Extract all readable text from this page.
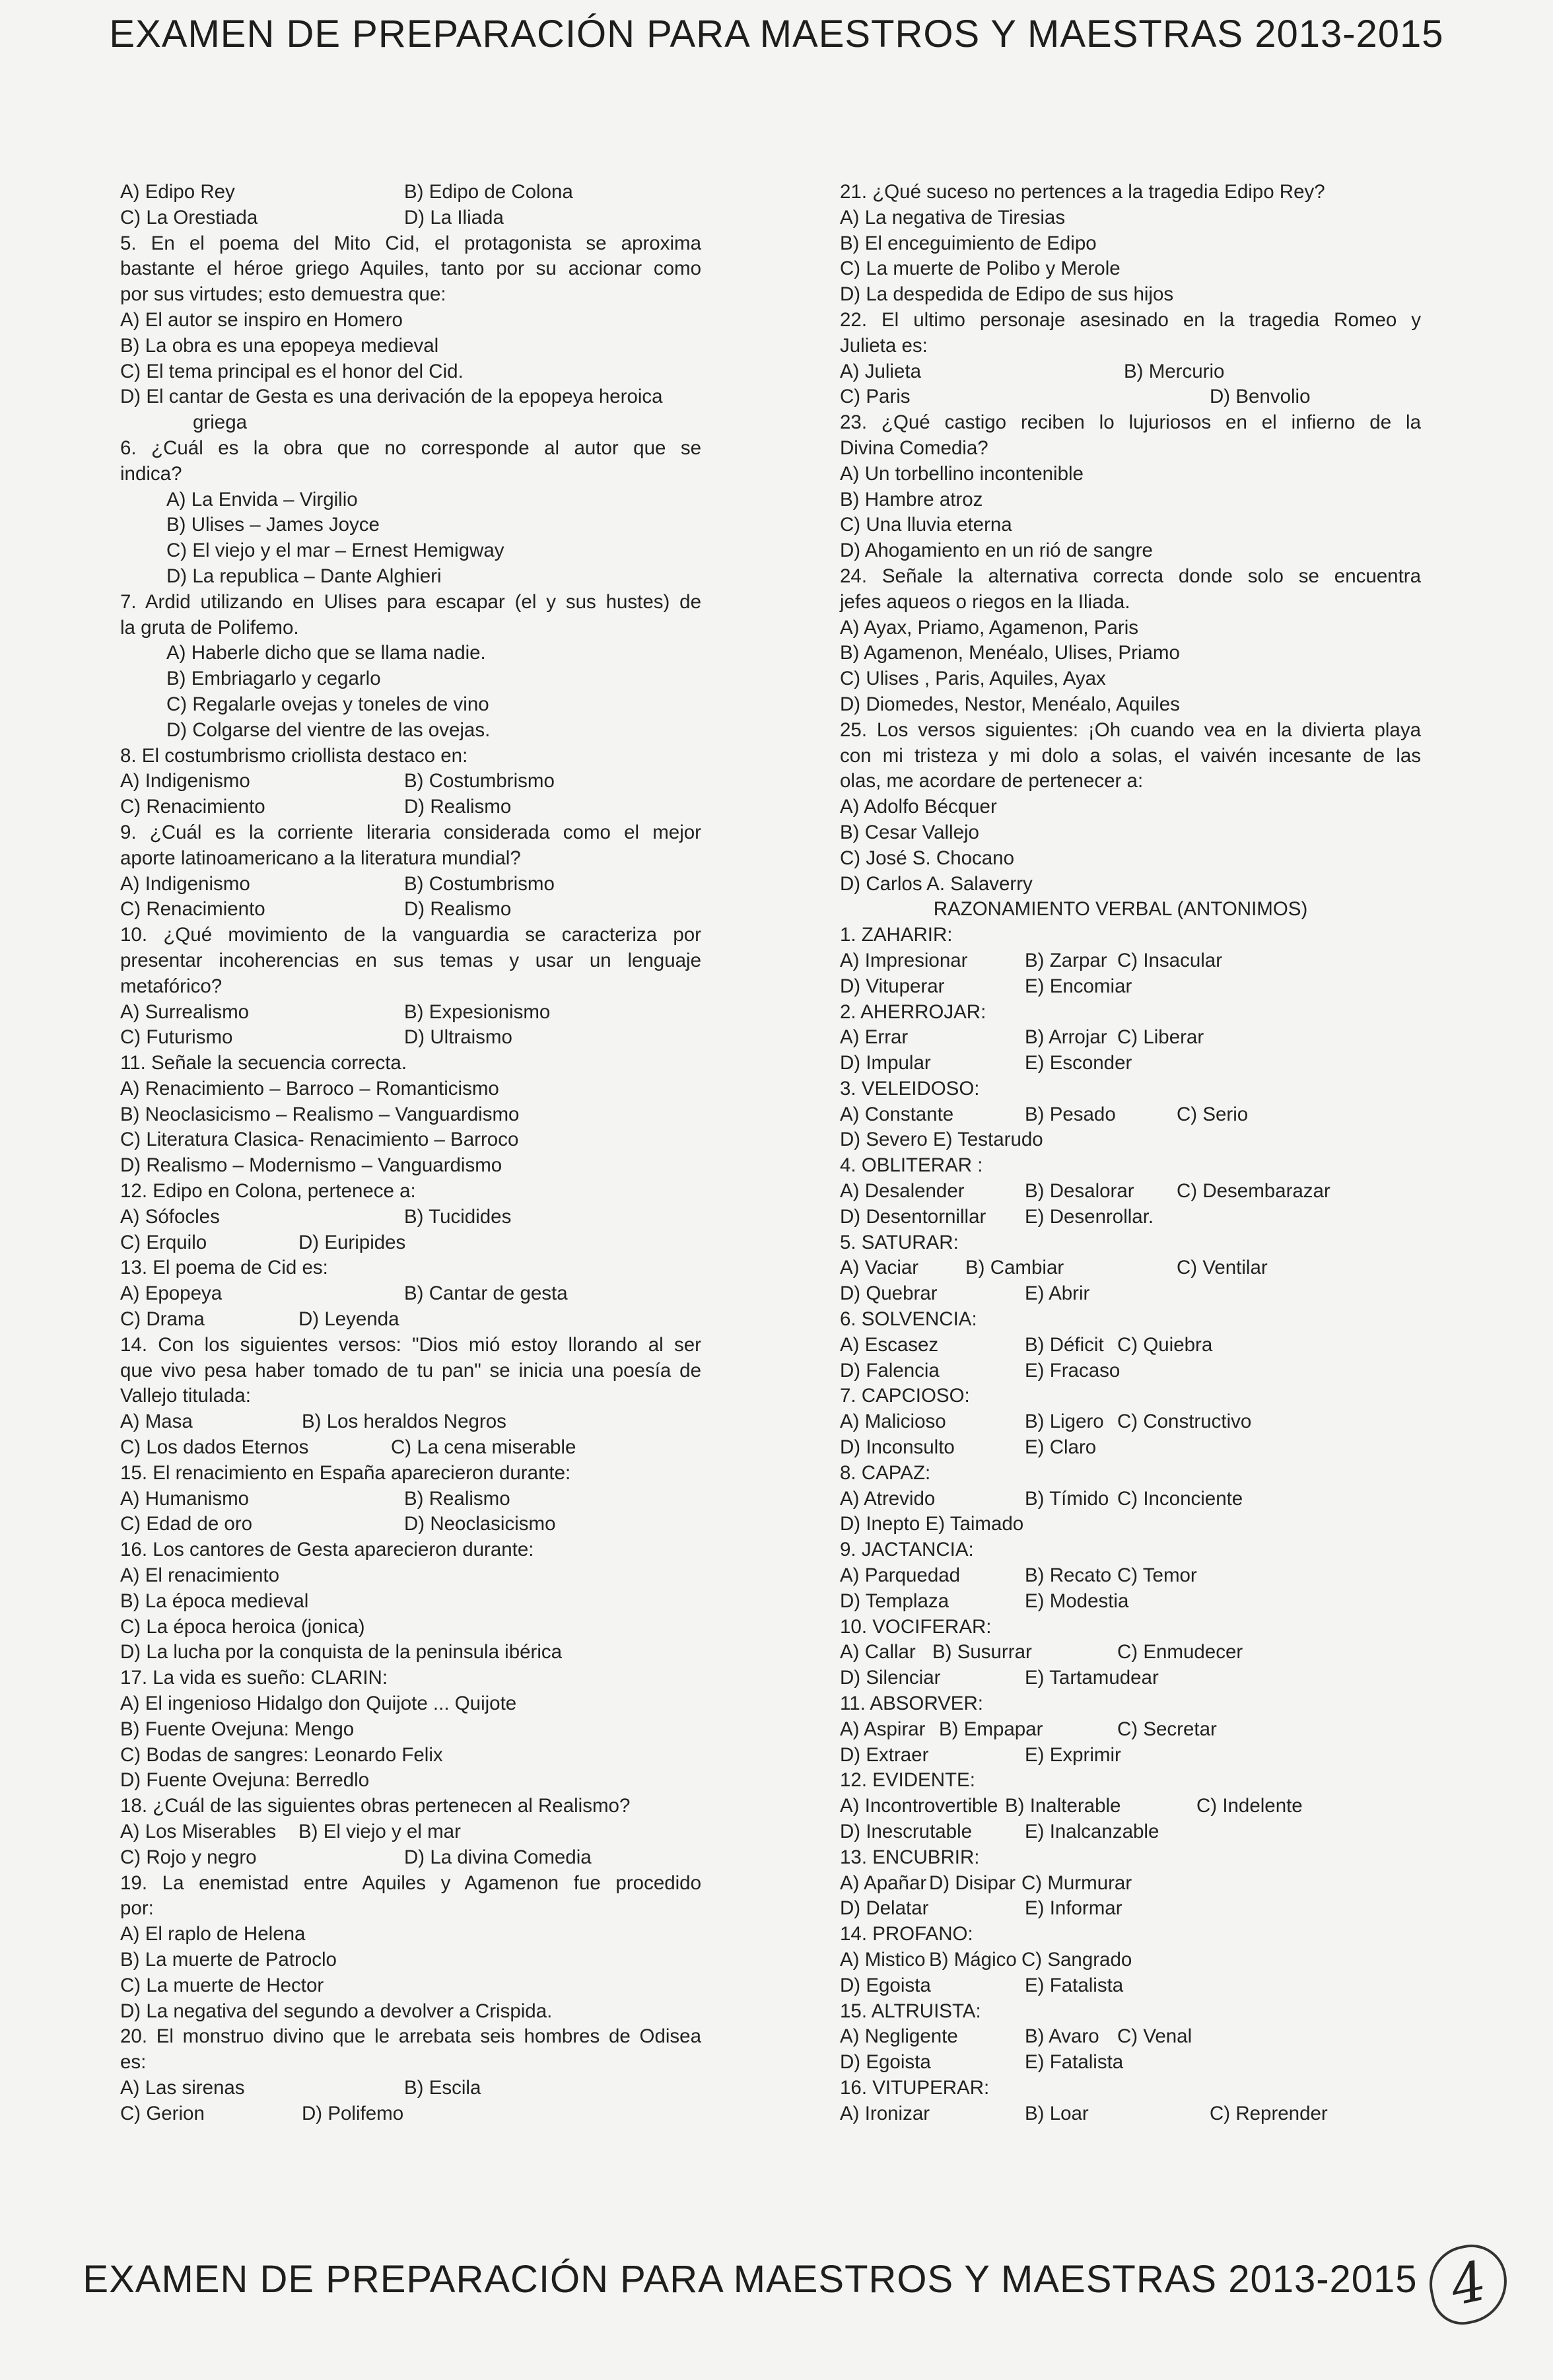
EXAMEN DE PREPARACIÓN PARA MAESTROS Y MAESTRAS 2013-2015
A) Edipo Rey	B) Edipo de Colona
C) La Orestiada	D) La Iliada
5. En el poema del Mito Cid, el protagonista se aproxima
bastante el héroe griego Aquiles, tanto por su accionar como
por sus virtudes; esto demuestra que:
A) El autor se inspiro en Homero
B) La obra es una epopeya medieval
C) El tema principal es el honor del Cid.
D) El cantar de Gesta es una derivación de la epopeya heroica
griega
6. ¿Cuál es la obra que no corresponde al autor que se
indica?
A) La Envida – Virgilio
B) Ulises – James Joyce
C) El viejo y el mar – Ernest Hemigway
D) La republica – Dante Alghieri
7. Ardid utilizando en Ulises para escapar (el y sus hustes) de
la gruta de Polifemo.
A) Haberle dicho que se llama nadie.
B) Embriagarlo y cegarlo
C) Regalarle ovejas y toneles de vino
D) Colgarse del vientre de las ovejas.
8. El costumbrismo criollista destaco en:
A) Indigenismo	B) Costumbrismo
C) Renacimiento	D) Realismo
9. ¿Cuál es la corriente literaria considerada como el mejor
aporte latinoamericano a la literatura mundial?
A) Indigenismo	B) Costumbrismo
C) Renacimiento	D) Realismo
10. ¿Qué movimiento de la vanguardia se caracteriza por
presentar incoherencias en sus temas y usar un lenguaje
metafórico?
A) Surrealismo	B) Expesionismo
C) Futurismo	D) Ultraismo
11. Señale la secuencia correcta.
A) Renacimiento – Barroco – Romanticismo
B) Neoclasicismo – Realismo – Vanguardismo
C) Literatura Clasica- Renacimiento – Barroco
D) Realismo – Modernismo – Vanguardismo
12. Edipo en Colona, pertenece a:
A) Sófocles	B) Tucidides
C) Erquilo	D) Euripides
13. El poema de Cid es:
A) Epopeya	B) Cantar de gesta
C) Drama	D) Leyenda
14. Con los siguientes versos: "Dios mió estoy llorando al ser
que vivo pesa haber tomado de tu pan" se inicia una poesía de
Vallejo titulada:
A) Masa	B) Los heraldos Negros
C) Los dados Eternos	C) La cena miserable
15. El renacimiento en España aparecieron durante:
A) Humanismo	B) Realismo
C) Edad de oro	D) Neoclasicismo
16. Los cantores de Gesta aparecieron durante:
A) El renacimiento
B) La época medieval
C) La época heroica (jonica)
D) La lucha por la conquista de la peninsula ibérica
17. La vida es sueño: CLARIN:
A) El ingenioso Hidalgo don Quijote ... Quijote
B) Fuente Ovejuna: Mengo
C) Bodas de sangres: Leonardo Felix
D) Fuente Ovejuna: Berredlo
18. ¿Cuál de las siguientes obras pertenecen al Realismo?
A) Los Miserables	B) El viejo y el mar
C) Rojo y negro	D) La divina Comedia
19. La enemistad entre Aquiles y Agamenon fue procedido
por:
A) El raplo de Helena
B) La muerte de Patroclo
C) La muerte de Hector
D) La negativa del segundo a devolver a Crispida.
20. El monstruo divino que le arrebata seis hombres de Odisea
es:
A) Las sirenas	B) Escila
C) Gerion	D) Polifemo
21. ¿Qué suceso no pertences a la tragedia Edipo Rey?
A) La negativa de Tiresias
B) El enceguimiento de Edipo
C) La muerte de Polibo y Merole
D) La despedida de Edipo de sus hijos
22. El ultimo personaje asesinado en la tragedia Romeo y
Julieta es:
A) Julieta	B) Mercurio
C) Paris	D) Benvolio
23. ¿Qué castigo reciben lo lujuriosos en el infierno de la
Divina Comedia?
A) Un torbellino incontenible
B) Hambre atroz
C) Una lluvia eterna
D) Ahogamiento en un rió de sangre
24. Señale la alternativa correcta donde solo se encuentra
jefes aqueos o riegos en la Iliada.
A) Ayax, Priamo, Agamenon, Paris
B) Agamenon, Menéalo, Ulises, Priamo
C) Ulises , Paris, Aquiles, Ayax
D) Diomedes, Nestor, Menéalo, Aquiles
25. Los versos siguientes: ¡Oh cuando vea en la divierta playa
con mi tristeza y mi dolo a solas, el vaivén incesante de las
olas, me acordare de pertenecer a:
A) Adolfo Bécquer
B) Cesar Vallejo
C) José S. Chocano
D) Carlos A. Salaverry
RAZONAMIENTO VERBAL (ANTONIMOS)
1. ZAHARIR:
A) Impresionar	B) Zarpar C) Insacular
D) Vituperar	E) Encomiar
2. AHERROJAR:
A) Errar	B) Arrojar C) Liberar
D) Impular	E) Esconder
3. VELEIDOSO:
A) Constante	B) Pesado	C) Serio
D) Severo E) Testarudo
4. OBLITERAR :
A) Desalender	B) Desalorar	C) Desembarazar
D) Desentornillar	E) Desenrollar.
5. SATURAR:
A) Vaciar	B) Cambiar	C) Ventilar
D) Quebrar	E) Abrir
6. SOLVENCIA:
A) Escasez	B) Déficit C) Quiebra
D) Falencia	E) Fracaso
7. CAPCIOSO:
A) Malicioso	B) Ligero C) Constructivo
D) Inconsulto	E) Claro
8. CAPAZ:
A) Atrevido	B) Tímido C) Inconciente
D) Inepto E) Taimado
9. JACTANCIA:
A) Parquedad	B) Recato C) Temor
D) Templaza	E) Modestia
10. VOCIFERAR:
A) Callar B) Susurrar	C) Enmudecer
D) Silenciar	E) Tartamudear
11. ABSORVER:
A) Aspirar B) Empapar	C) Secretar
D) Extraer	E) Exprimir
12. EVIDENTE:
A) Incontrovertible B) Inalterable	C) Indelente
D) Inescrutable	E) Inalcanzable
13. ENCUBRIR:
A) Apañar D) Disipar C) Murmurar
D) Delatar	E) Informar
14. PROFANO:
A) Mistico B) Mágico C) Sangrado
D) Egoista	E) Fatalista
15. ALTRUISTA:
A) Negligente	B) Avaro C) Venal
D) Egoista	E) Fatalista
16. VITUPERAR:
A) Ironizar	B) Loar	C) Reprender
EXAMEN DE PREPARACIÓN PARA MAESTROS Y MAESTRAS 2013-2015 4
